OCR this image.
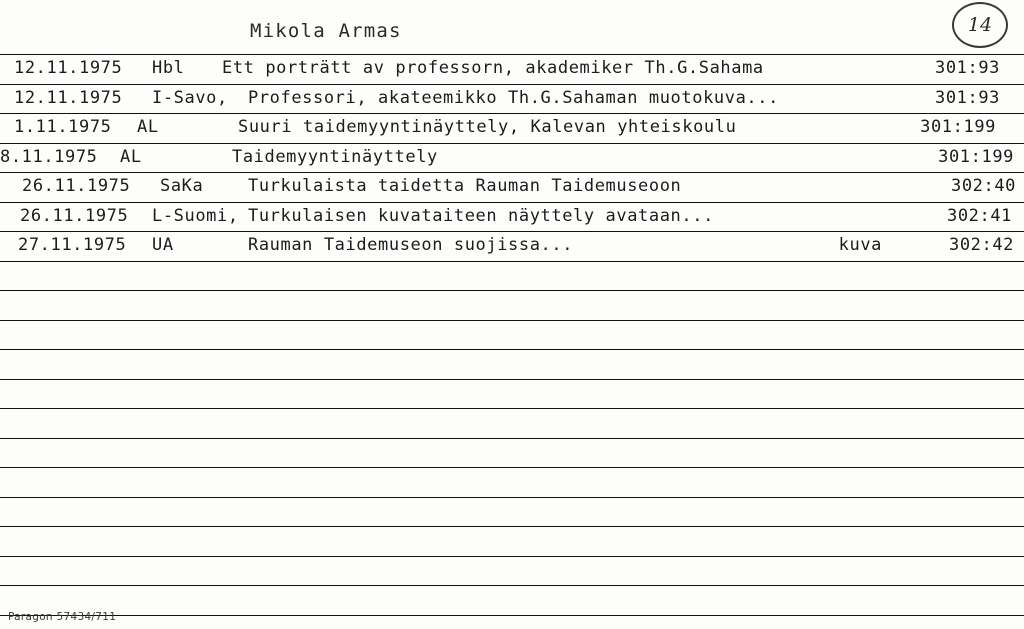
Mikola Armas	14
12.11.1975 Hbl Ett porträtt av professorn, akademiker Th.G.Sahama	301:93
12.11.1975 I-Savo, Professori, akateemikko Th.G.Sahaman muotokuva...	301:93
1.11.1975 AL	Suuri taidemyyntinäyttely, Kalevan yhteiskoulu	301:199
8.11.1975 AL	Taidemyyntinäyttely	301:199
26.11.1975 SaKa	Turkulaista taidetta Rauman Taidemuseoon	302:40
26.11.1975 L-Suomi, Turkulaisen kuvataiteen näyttely avataan...	302:41
27.11.1975 UA	Rauman Taidemuseon suojissa...	kuva	302:42
Paragon 57434/711
